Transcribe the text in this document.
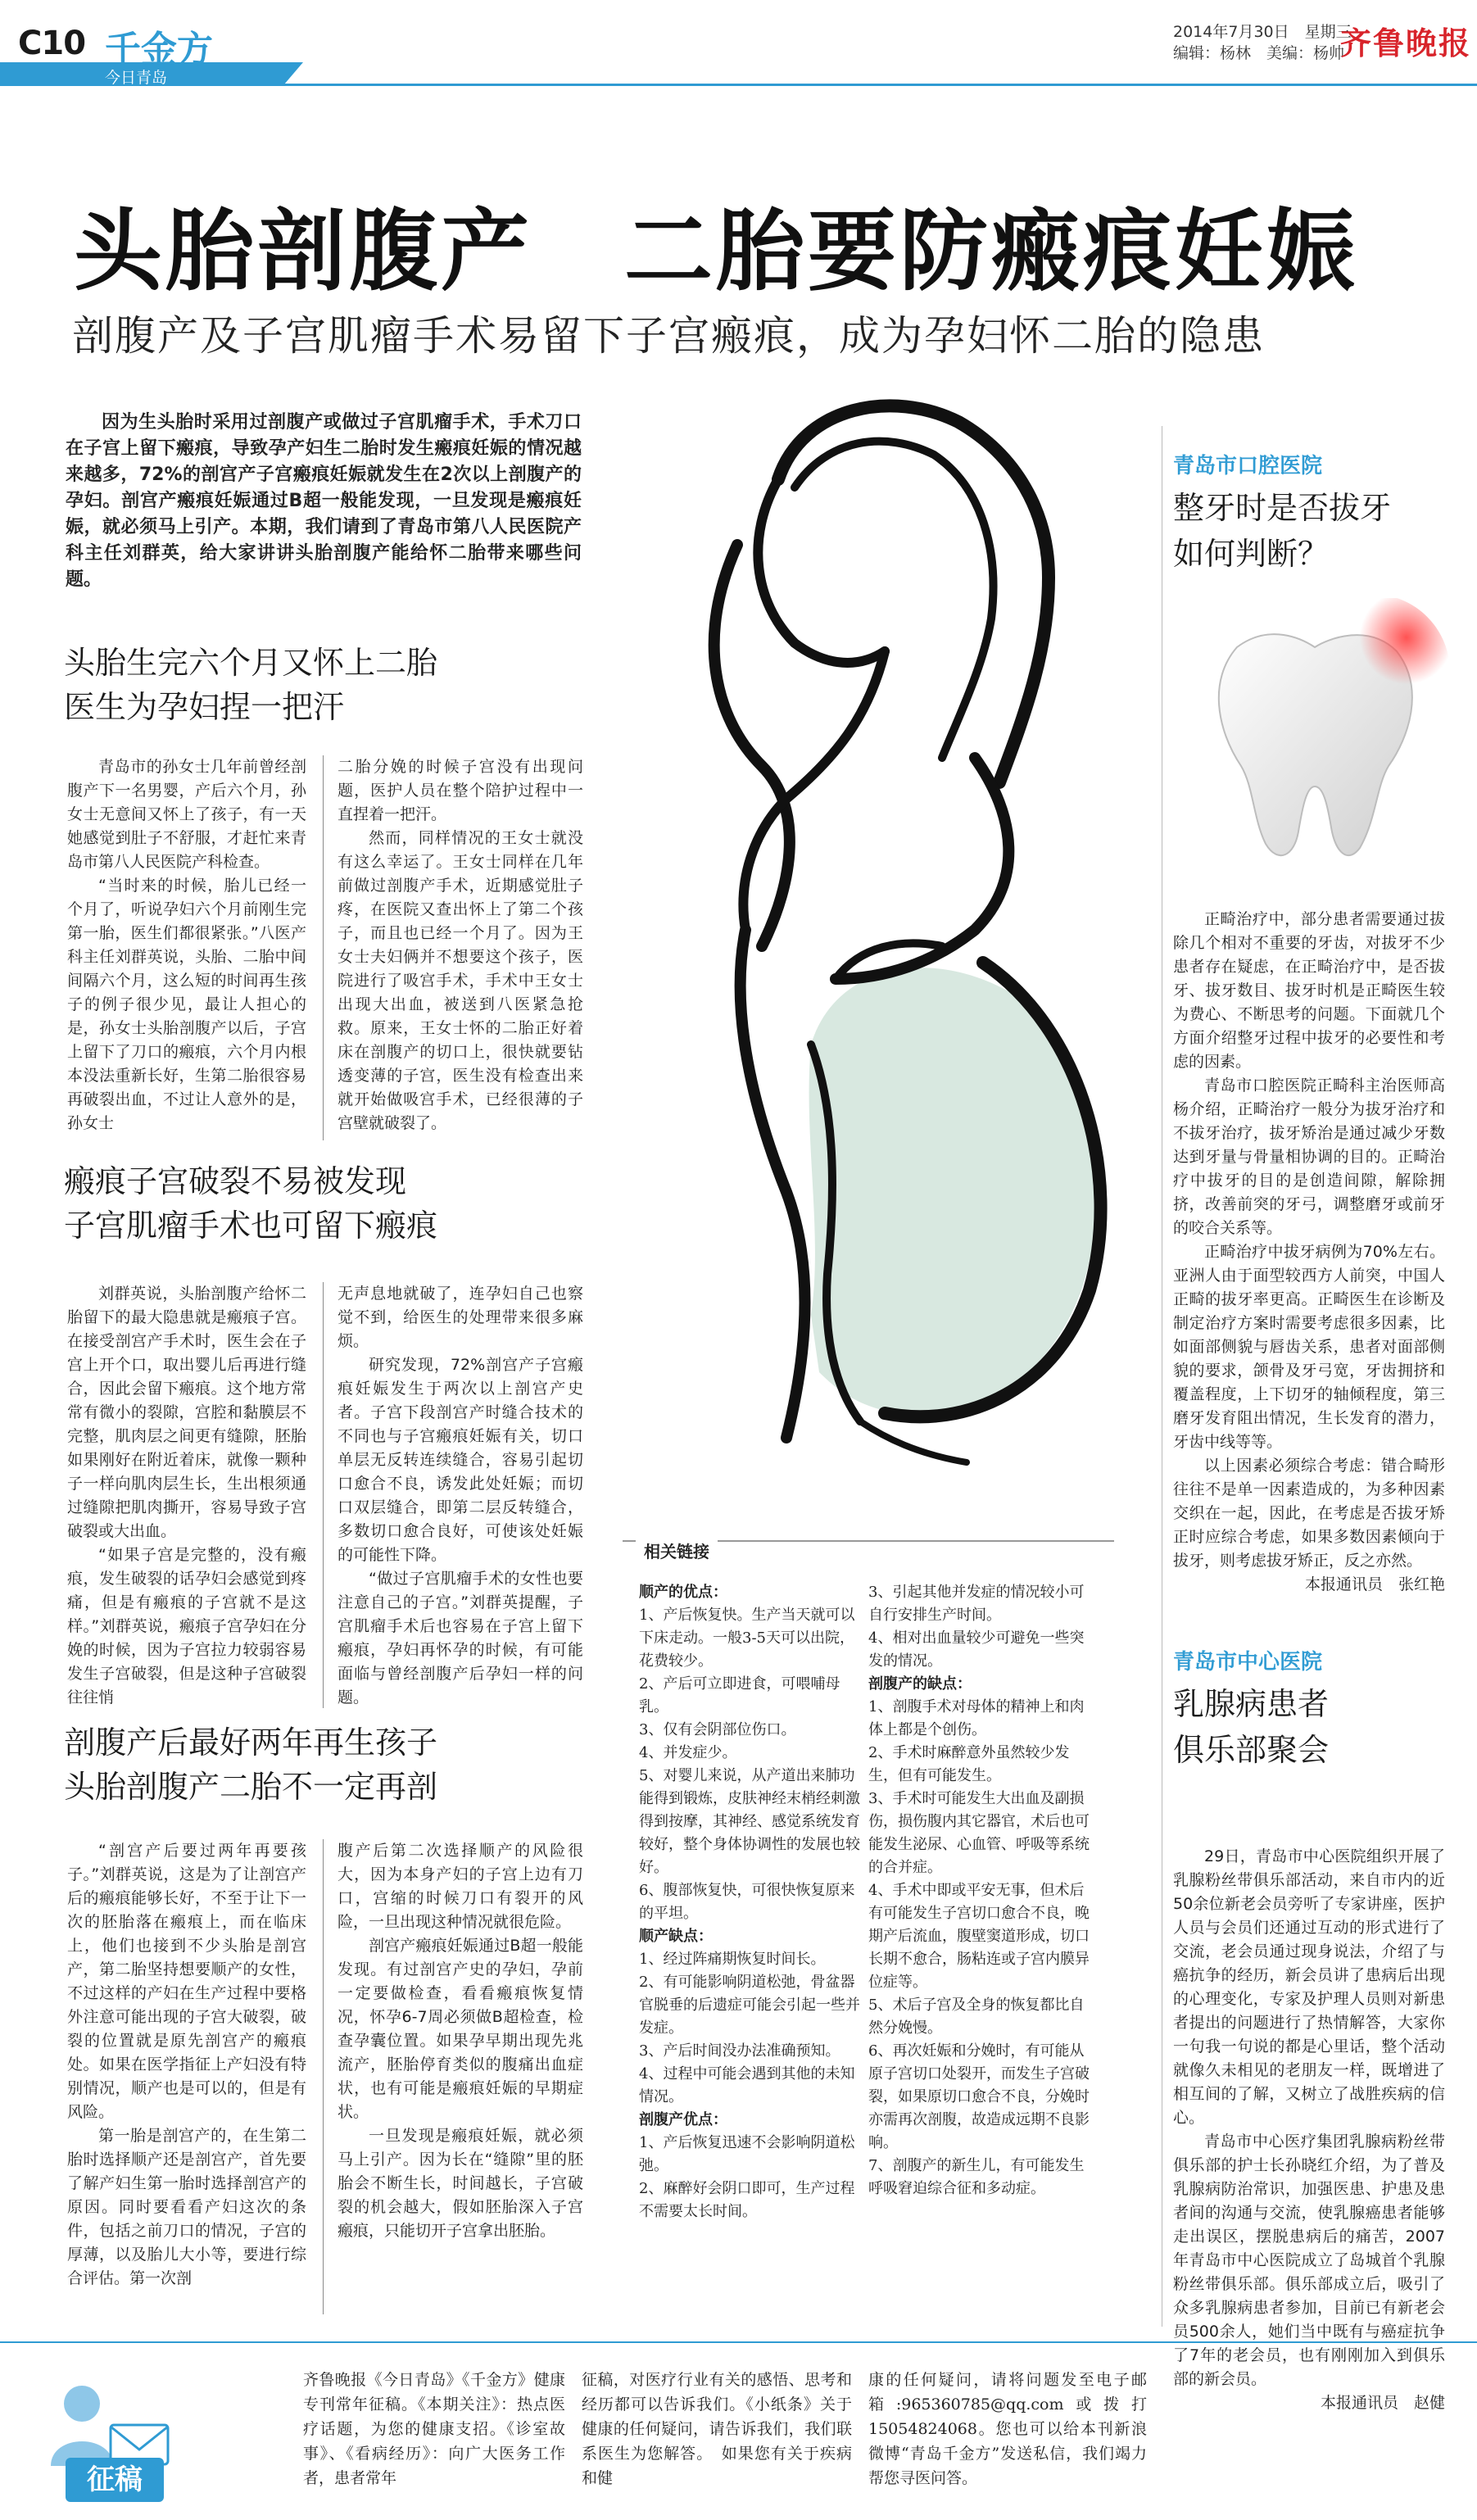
C10 千金方
今日青岛
2014年7月30日　星期三
编辑：杨林　美编：杨帅
齐鲁晚报
头胎剖腹产　二胎要防瘢痕妊娠
剖腹产及子宫肌瘤手术易留下子宫瘢痕，成为孕妇怀二胎的隐患
因为生头胎时采用过剖腹产或做过子宫肌瘤手术，手术刀口在子宫上留下瘢痕，导致孕产妇生二胎时发生瘢痕妊娠的情况越来越多，72%的剖宫产子宫瘢痕妊娠就发生在2次以上剖腹产的孕妇。剖宫产瘢痕妊娠通过B超一般能发现，一旦发现是瘢痕妊娠，就必须马上引产。本期，我们请到了青岛市第八人民医院产科主任刘群英，给大家讲讲头胎剖腹产能给怀二胎带来哪些问题。
头胎生完六个月又怀上二胎
医生为孕妇捏一把汗

青岛市的孙女士几年前曾经剖腹产下一名男婴，产后六个月，孙女士无意间又怀上了孩子，有一天她感觉到肚子不舒服，才赶忙来青岛市第八人民医院产科检查。

“当时来的时候，胎儿已经一个月了，听说孕妇六个月前刚生完第一胎，医生们都很紧张。”八医产科主任刘群英说，头胎、二胎中间间隔六个月，这么短的时间再生孩子的例子很少见，最让人担心的是，孙女士头胎剖腹产以后，子宫上留下了刀口的瘢痕，六个月内根本没法重新长好，生第二胎很容易再破裂出血，不过让人意外的是，孙女士

二胎分娩的时候子宫没有出现问题，医护人员在整个陪护过程中一直捏着一把汗。

然而，同样情况的王女士就没有这么幸运了。王女士同样在几年前做过剖腹产手术，近期感觉肚子疼，在医院又查出怀上了第二个孩子，而且也已经一个月了。因为王女士夫妇俩并不想要这个孩子，医院进行了吸宫手术，手术中王女士出现大出血，被送到八医紧急抢救。原来，王女士怀的二胎正好着床在剖腹产的切口上，很快就要钻透变薄的子宫，医生没有检查出来就开始做吸宫手术，已经很薄的子宫壁就破裂了。

瘢痕子宫破裂不易被发现
子宫肌瘤手术也可留下瘢痕

刘群英说，头胎剖腹产给怀二胎留下的最大隐患就是瘢痕子宫。在接受剖宫产手术时，医生会在子宫上开个口，取出婴儿后再进行缝合，因此会留下瘢痕。这个地方常常有微小的裂隙，宫腔和黏膜层不完整，肌肉层之间更有缝隙，胚胎如果刚好在附近着床，就像一颗种子一样向肌肉层生长，生出根须通过缝隙把肌肉撕开，容易导致子宫破裂或大出血。

“如果子宫是完整的，没有瘢痕，发生破裂的话孕妇会感觉到疼痛，但是有瘢痕的子宫就不是这样。”刘群英说，瘢痕子宫孕妇在分娩的时候，因为子宫拉力较弱容易发生子宫破裂，但是这种子宫破裂往往悄

无声息地就破了，连孕妇自己也察觉不到，给医生的处理带来很多麻烦。

研究发现，72%剖宫产子宫瘢痕妊娠发生于两次以上剖宫产史者。子宫下段剖宫产时缝合技术的不同也与子宫瘢痕妊娠有关，切口单层无反转连续缝合，容易引起切口愈合不良，诱发此处妊娠；而切口双层缝合，即第二层反转缝合，多数切口愈合良好，可使该处妊娠的可能性下降。

“做过子宫肌瘤手术的女性也要注意自己的子宫。”刘群英提醒，子宫肌瘤手术后也容易在子宫上留下瘢痕，孕妇再怀孕的时候，有可能面临与曾经剖腹产后孕妇一样的问题。

剖腹产后最好两年再生孩子
头胎剖腹产二胎不一定再剖

“剖宫产后要过两年再要孩子。”刘群英说，这是为了让剖宫产后的瘢痕能够长好，不至于让下一次的胚胎落在瘢痕上，而在临床上，他们也接到不少头胎是剖宫产，第二胎坚持想要顺产的女性，不过这样的产妇在生产过程中要格外注意可能出现的子宫大破裂，破裂的位置就是原先剖宫产的瘢痕处。如果在医学指征上产妇没有特别情况，顺产也是可以的，但是有风险。

第一胎是剖宫产的，在生第二胎时选择顺产还是剖宫产，首先要了解产妇生第一胎时选择剖宫产的原因。同时要看看产妇这次的条件，包括之前刀口的情况，子宫的厚薄，以及胎儿大小等，要进行综合评估。第一次剖

腹产后第二次选择顺产的风险很大，因为本身产妇的子宫上边有刀口，宫缩的时候刀口有裂开的风险，一旦出现这种情况就很危险。

剖宫产瘢痕妊娠通过B超一般能发现。有过剖宫产史的孕妇，孕前一定要做检查，看看瘢痕恢复情况，怀孕6-7周必须做B超检查，检查孕囊位置。如果孕早期出现先兆流产，胚胎停育类似的腹痛出血症状，也有可能是瘢痕妊娠的早期症状。

一旦发现是瘢痕妊娠，就必须马上引产。因为长在“缝隙”里的胚胎会不断生长，时间越长，子宫破裂的机会越大，假如胚胎深入子宫瘢痕，只能切开子宫拿出胚胎。

相关链接

顺产的优点：

1、产后恢复快。生产当天就可以下床走动。一般3-5天可以出院，花费较少。

2、产后可立即进食，可喂哺母乳。

3、仅有会阴部位伤口。

4、并发症少。

5、对婴儿来说，从产道出来肺功能得到锻炼，皮肤神经末梢经刺激得到按摩，其神经、感觉系统发育较好，整个身体协调性的发展也较好。

6、腹部恢复快，可很快恢复原来的平坦。

顺产缺点：

1、经过阵痛期恢复时间长。

2、有可能影响阴道松弛，骨盆器官脱垂的后遗症可能会引起一些并发症。

3、产后时间没办法准确预知。

4、过程中可能会遇到其他的未知情况。

剖腹产优点：

1、产后恢复迅速不会影响阴道松弛。

2、麻醉好会阴口即可，生产过程不需要太长时间。

3、引起其他并发症的情况较小可自行安排生产时间。

4、相对出血量较少可避免一些突发的情况。

剖腹产的缺点：

1、剖腹手术对母体的精神上和肉体上都是个创伤。

2、手术时麻醉意外虽然较少发生，但有可能发生。

3、手术时可能发生大出血及副损伤，损伤腹内其它器官，术后也可能发生泌尿、心血管、呼吸等系统的合并症。

4、手术中即或平安无事，但术后有可能发生子宫切口愈合不良，晚期产后流血，腹壁窦道形成，切口长期不愈合，肠粘连或子宫内膜异位症等。

5、术后子宫及全身的恢复都比自然分娩慢。

6、再次妊娠和分娩时，有可能从原子宫切口处裂开，而发生子宫破裂，如果原切口愈合不良，分娩时亦需再次剖腹，故造成远期不良影响。

7、剖腹产的新生儿，有可能发生呼吸窘迫综合征和多动症。

青岛市口腔医院
整牙时是否拔牙
如何判断？

正畸治疗中，部分患者需要通过拔除几个相对不重要的牙齿，对拔牙不少患者存在疑虑，在正畸治疗中，是否拔牙、拔牙数目、拔牙时机是正畸医生较为费心、不断思考的问题。下面就几个方面介绍整牙过程中拔牙的必要性和考虑的因素。

青岛市口腔医院正畸科主治医师高杨介绍，正畸治疗一般分为拔牙治疗和不拔牙治疗，拔牙矫治是通过减少牙数达到牙量与骨量相协调的目的。正畸治疗中拔牙的目的是创造间隙，解除拥挤，改善前突的牙弓，调整磨牙或前牙的咬合关系等。

正畸治疗中拔牙病例为70%左右。亚洲人由于面型较西方人前突，中国人正畸的拔牙率更高。正畸医生在诊断及制定治疗方案时需要考虑很多因素，比如面部侧貌与唇齿关系，患者对面部侧貌的要求，颌骨及牙弓宽，牙齿拥挤和覆盖程度，上下切牙的轴倾程度，第三磨牙发育阻出情况，生长发育的潜力，牙齿中线等等。

以上因素必须综合考虑：错合畸形往往不是单一因素造成的，为多种因素交织在一起，因此，在考虑是否拔牙矫正时应综合考虑，如果多数因素倾向于拔牙，则考虑拔牙矫正，反之亦然。

本报通讯员　张红艳

青岛市中心医院
乳腺病患者
俱乐部聚会

29日，青岛市中心医院组织开展了乳腺粉丝带俱乐部活动，来自市内的近50余位新老会员旁听了专家讲座，医护人员与会员们还通过互动的形式进行了交流，老会员通过现身说法，介绍了与癌抗争的经历，新会员讲了患病后出现的心理变化，专家及护理人员则对新患者提出的问题进行了热情解答，大家你一句我一句说的都是心里话，整个活动就像久未相见的老朋友一样，既增进了相互间的了解，又树立了战胜疾病的信心。

青岛市中心医疗集团乳腺病粉丝带俱乐部的护士长孙晓红介绍，为了普及乳腺病防治常识，加强医患、护患及患者间的沟通与交流，使乳腺癌患者能够走出误区，摆脱患病后的痛苦，2007年青岛市中心医院成立了岛城首个乳腺粉丝带俱乐部。俱乐部成立后，吸引了众多乳腺病患者参加，目前已有新老会员500余人，她们当中既有与癌症抗争了7年的老会员，也有刚刚加入到俱乐部的新会员。

本报通讯员　赵健

征稿
齐鲁晚报《今日青岛》《千金方》健康专刊常年征稿。《本期关注》：热点医疗话题，为您的健康支招。《诊室故事》、《看病经历》：向广大医务工作者，患者常年
征稿，对医疗行业有关的感悟、思考和经历都可以告诉我们。《小纸条》关于健康的任何疑问，请告诉我们，我们联系医生为您解答。　如果您有关于疾病和健
康的任何疑问，请将问题发至电子邮箱:965360785@qq.com或拨打15054824068。您也可以给本刊新浪微博“青岛千金方”发送私信，我们竭力帮您寻医问答。
